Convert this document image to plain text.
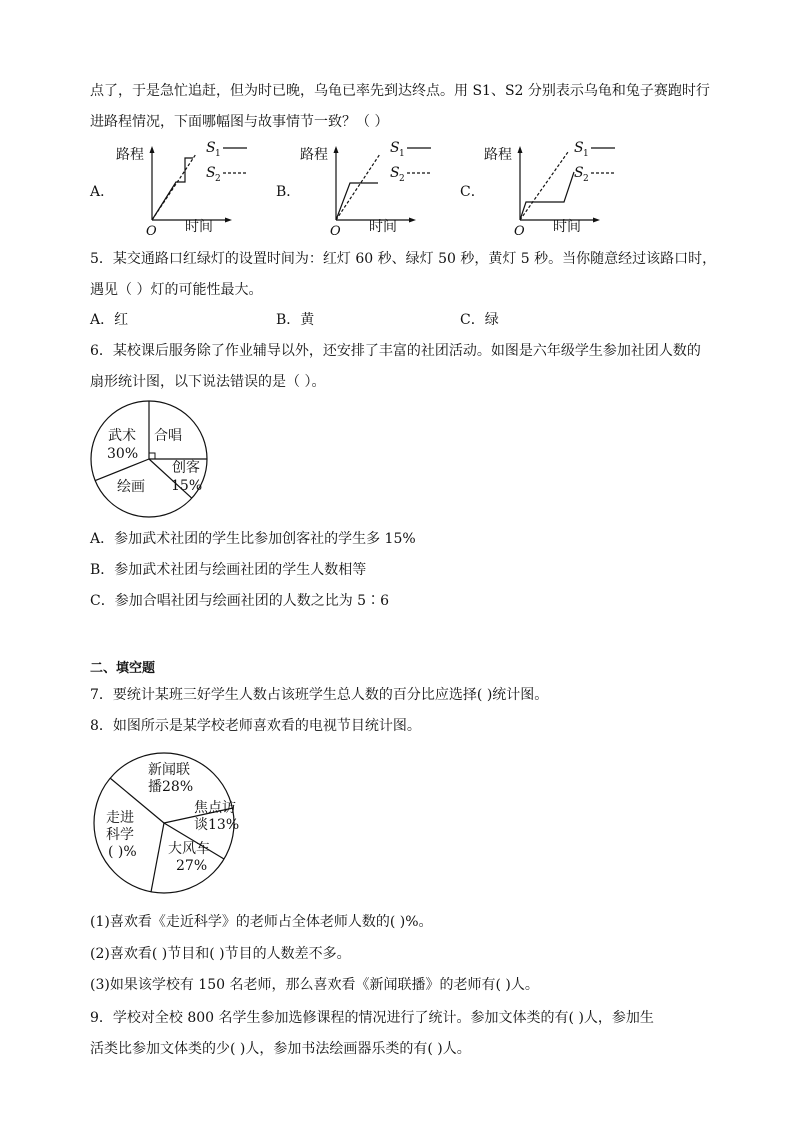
点了，于是急忙追赶，但为时已晚，乌龟已率先到达终点。用 S1、S2 分别表示乌龟和兔子赛跑时行
进路程情况，下面哪幅图与故事情节一致？（ ）
A．
路程
O 时间
S 1
S 2
B．
路程
O 时间
S 1
S 2
C．
路程
O 时间
S 1
S 2
5．某交通路口红绿灯的设置时间为：红灯 60 秒、绿灯 50 秒，黄灯 5 秒。当你随意经过该路口时，
遇见（ ）灯的可能性最大。
A．红	B．黄	C．绿
6．某校课后服务除了作业辅导以外，还安排了丰富的社团活动。如图是六年级学生参加社团人数的
扇形统计图，以下说法错误的是（ ）。
武术
30%
合唱
创客
15%
绘画
A．参加武术社团的学生比参加创客社的学生多 15%
B．参加武术社团与绘画社团的学生人数相等
C．参加合唱社团与绘画社团的人数之比为 5∶6
二、填空题
7．要统计某班三好学生人数占该班学生总人数的百分比应选择( )统计图。
8．如图所示是某学校老师喜欢看的电视节目统计图。
新闻联
播28%
焦点访
谈13%
走进
科学
( )% 大风车
27%
(1)喜欢看《走近科学》的老师占全体老师人数的( )%。
(2)喜欢看( )节目和( )节目的人数差不多。
(3)如果该学校有 150 名老师，那么喜欢看《新闻联播》的老师有( )人。
9．学校对全校 800 名学生参加选修课程的情况进行了统计。参加文体类的有( )人，参加生
活类比参加文体类的少( )人，参加书法绘画器乐类的有( )人。
